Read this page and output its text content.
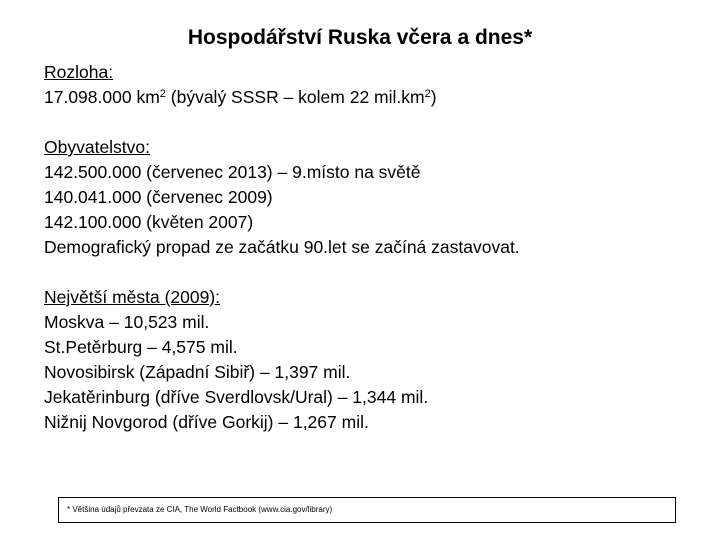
Hospodářství Ruska včera a dnes*
Rozloha:
17.098.000 $km^2$ (bývalý SSSR – kolem 22 $mil.km^2$)
Obyvatelstvo:
142.500.000 (červenec 2013) – 9.místo na světě
140.041.000 (červenec 2009)
142.100.000 (květen 2007)
Demografický propad ze začátku 90.let se začíná zastavovat.
Největší města (2009):
Moskva – 10,523 mil.
St.Petěrburg – 4,575 mil.
Novosibirsk (Západní Sibiř) – 1,397 mil.
Jekatěrinburg (dříve Sverdlovsk/Ural) – 1,344 mil.
Nižnij Novgorod (dříve Gorkij) – 1,267 mil.
* Většina údajů převzata ze CIA, The World Factbook (www.cia.gov/library)
